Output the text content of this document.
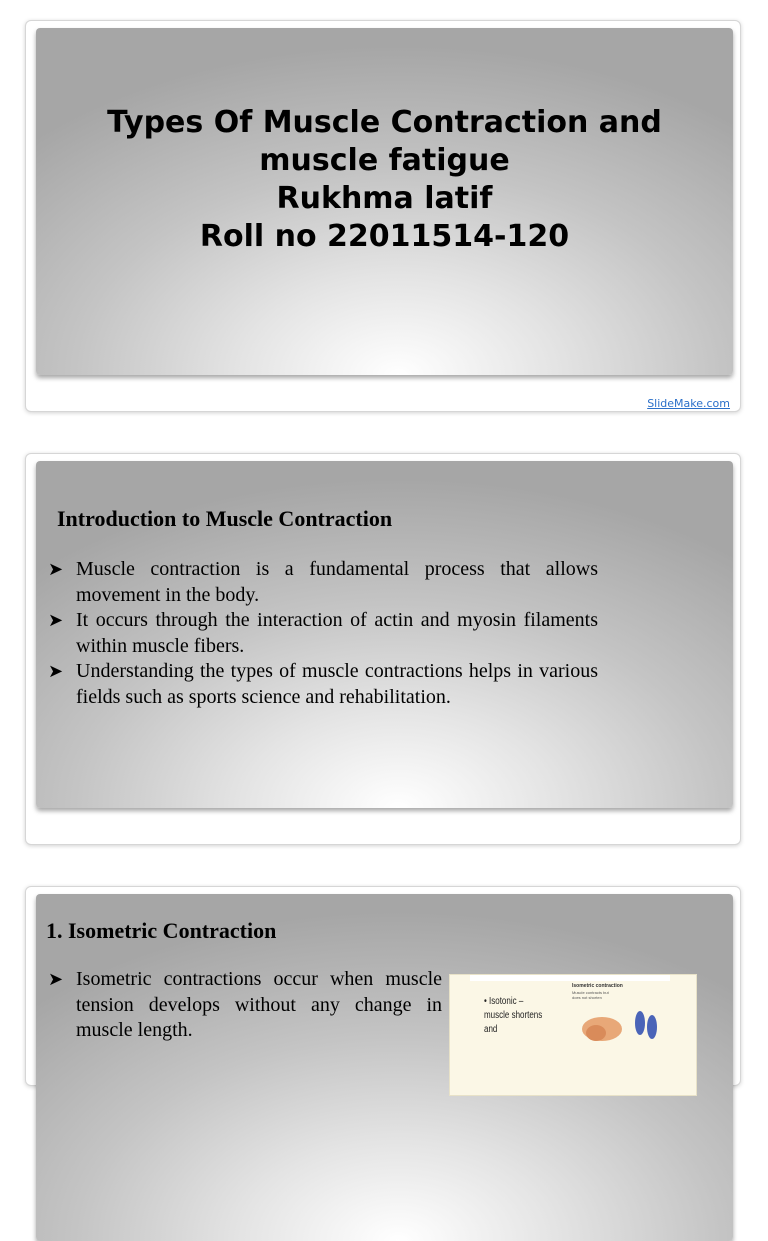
Types Of Muscle Contraction and
muscle fatigue
Rukhma latif
Roll no 22011514-120
SlideMake.com
Introduction to Muscle Contraction
➤ Muscle contraction is a fundamental process that allows movement in the body.
➤ It occurs through the interaction of actin and myosin filaments within muscle fibers.
➤ Understanding the types of muscle contractions helps in various fields such as sports science and rehabilitation.
1. Isometric Contraction
➤ Isometric contractions occur when muscle tension develops without any change in muscle length.
• Isotonic –muscle shortens and
Isometric contraction
Muscle contracts but does not shorten
